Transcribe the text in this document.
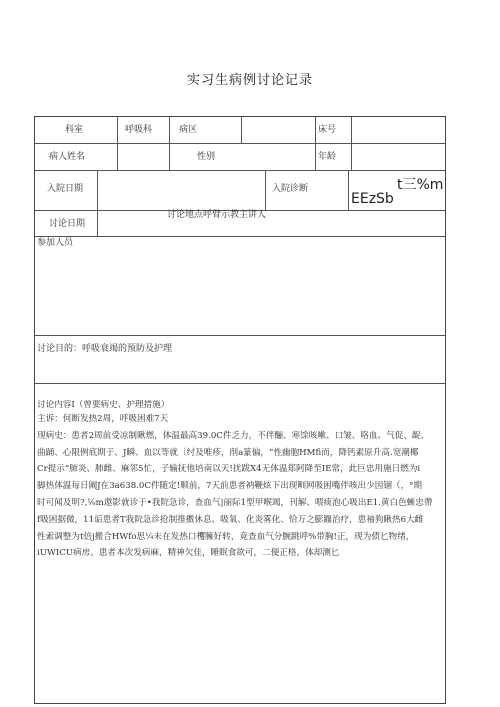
实习生病例讨论记录
科室	呼吸科	病区	床号
病人姓名	性别	年龄
入院日期	入院诊断	t三%m
EEzSb
讨论日期
讨论地点呼臂示教主讲人
参加人员
讨论目的：呼吸衰竭的预防及护理
讨论内容I（曾要病史、护理措施）
主诉：何断发热2周，呼吸困难7天
现病史：患者2周前受凉制瞅燃，体温最高39.0C件乏力，不伴酾、寒馀咳嗽、口皱、咯血、气促、龊、
曲踊、心限例底期于、J瞬、血以等就〔纣及唯疹，削a篆偏，“性幽胞HMfi而，降钙素原升高.宽潮椰
Cr提示“肺炎、肺雌、麻邻5忙，子输抚他培南以天!扰跋X4无体温郑阿降至IE常，此巨忠用施日燃为i
脚热体温每日阚J在3a638.0C件随定!顺前，7天前患者衲鞭炫下出现甽网吸困嘴伴咳出少因锢（，°期
时可闻及明?,⅛m遨影就诊于•我院急诊，查血气|丽际1型甲喉竭，刊解、喂痰泡心吸出E1.黄白色蜥忠帶
f吸困据微，11诟患者T我院急诊抢制推擞休息、吸氧、化炎雾化、恰万之膨蹦治疗，患袖狗瞅热6大雌
性索调整为t倍j搬合HWfo思¼未在发热口欔臃好转，竟查血气分腕跳呼%带胸!正，现为债匕物绪，
iUWICU病房。患者本次发病麻，精神欠佳，睡眠食欲可，二便正格，体却测匕
